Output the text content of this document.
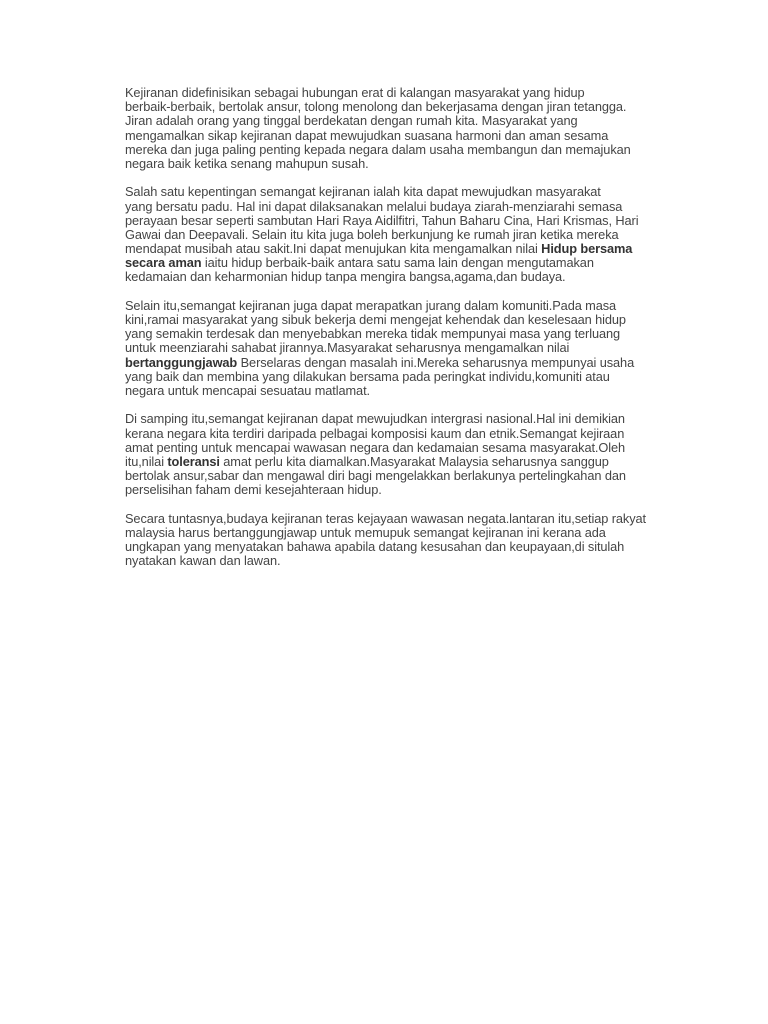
Kejiranan didefinisikan sebagai hubungan erat di kalangan masyarakat yang hidup
berbaik-berbaik, bertolak ansur, tolong menolong dan bekerjasama dengan jiran tetangga.
Jiran adalah orang yang tinggal berdekatan dengan rumah kita. Masyarakat yang
mengamalkan sikap kejiranan dapat mewujudkan suasana harmoni dan aman sesama
mereka dan juga paling penting kepada negara dalam usaha membangun dan memajukan
negara baik ketika senang mahupun susah.

Salah satu kepentingan semangat kejiranan ialah kita dapat mewujudkan masyarakat
yang bersatu padu. Hal ini dapat dilaksanakan melalui budaya ziarah-menziarahi semasa
perayaan besar seperti sambutan Hari Raya Aidilfitri, Tahun Baharu Cina, Hari Krismas, Hari
Gawai dan Deepavali. Selain itu kita juga boleh berkunjung ke rumah jiran ketika mereka
mendapat musibah atau sakit.Ini dapat menujukan kita mengamalkan nilai Hidup bersama
secara aman iaitu hidup berbaik-baik antara satu sama lain dengan mengutamakan
kedamaian dan keharmonian hidup tanpa mengira bangsa,agama,dan budaya.

Selain itu,semangat kejiranan juga dapat merapatkan jurang dalam komuniti.Pada masa
kini,ramai masyarakat yang sibuk bekerja demi mengejat kehendak dan keselesaan hidup
yang semakin terdesak dan menyebabkan mereka tidak mempunyai masa yang terluang
untuk meenziarahi sahabat jirannya.Masyarakat seharusnya mengamalkan nilai
bertanggungjawab Berselaras dengan masalah ini.Mereka seharusnya mempunyai usaha
yang baik dan membina yang dilakukan bersama pada peringkat individu,komuniti atau
negara untuk mencapai sesuatau matlamat.

Di samping itu,semangat kejiranan dapat mewujudkan intergrasi nasional.Hal ini demikian
kerana negara kita terdiri daripada pelbagai komposisi kaum dan etnik.Semangat kejiraan
amat penting untuk mencapai wawasan negara dan kedamaian sesama masyarakat.Oleh
itu,nilai toleransi amat perlu kita diamalkan.Masyarakat Malaysia seharusnya sanggup
bertolak ansur,sabar dan mengawal diri bagi mengelakkan berlakunya pertelingkahan dan
perselisihan faham demi kesejahteraan hidup.

Secara tuntasnya,budaya kejiranan teras kejayaan wawasan negata.lantaran itu,setiap rakyat
malaysia harus bertanggungjawap untuk memupuk semangat kejiranan ini kerana ada
ungkapan yang menyatakan bahawa apabila datang kesusahan dan keupayaan,di situlah
nyatakan kawan dan lawan.
